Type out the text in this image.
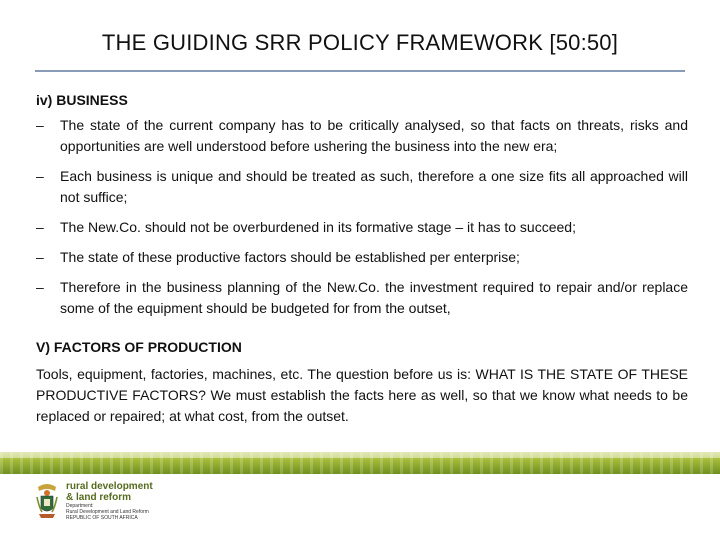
THE GUIDING SRR POLICY FRAMEWORK [50:50]

iv) BUSINESS

–	The state of the current company has to be critically analysed, so that facts on threats, risks and opportunities are well understood before ushering the business into the new era;
–	Each business is unique and should be treated as such, therefore a one size fits all approached will not suffice;
–	The New.Co. should not be overburdened in its formative stage – it has to succeed;
–	The state of these productive factors should be established per enterprise;
–	Therefore in the business planning of the New.Co. the investment required to repair and/or replace some of the equipment should be budgeted for from the outset,

V) FACTORS OF PRODUCTION

Tools, equipment, factories, machines, etc. The question before us is: WHAT IS THE STATE OF THESE PRODUCTIVE FACTORS? We must establish the facts here as well, so that we know what needs to be replaced or repaired; at what cost, from the outset.

rural development
& land reform
Department:
Rural Development and Land Reform
REPUBLIC OF SOUTH AFRICA
